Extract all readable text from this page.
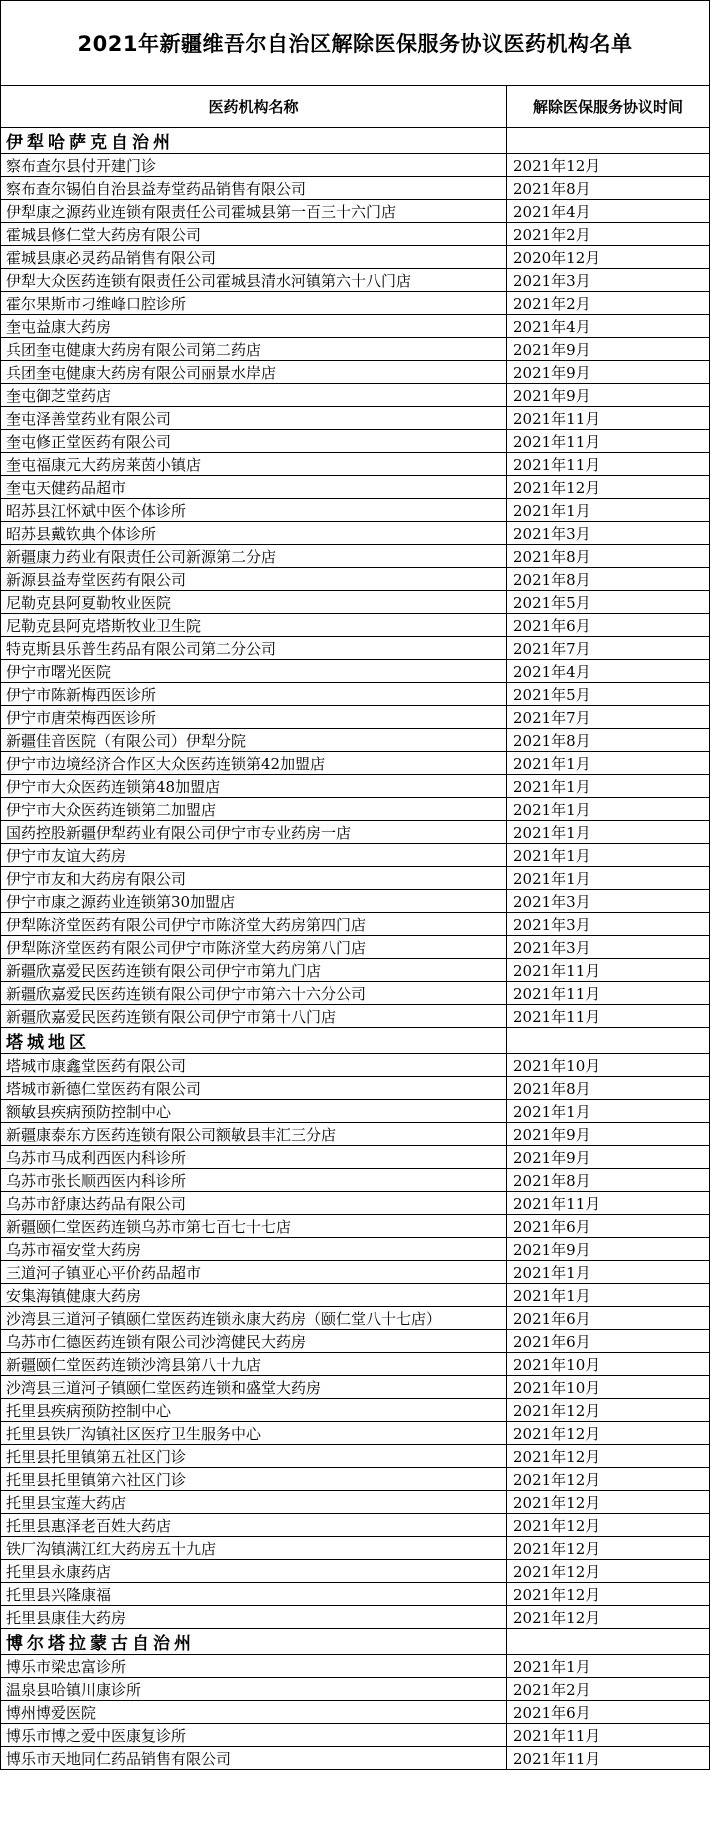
2021年新疆维吾尔自治区解除医保服务协议医药机构名单
医药机构名称	解除医保服务协议时间
伊犁哈萨克自治州
察布查尔县付开建门诊	2021年12月
察布查尔锡伯自治县益寿堂药品销售有限公司	2021年8月
伊犁康之源药业连锁有限责任公司霍城县第一百三十六门店	2021年4月
霍城县修仁堂大药房有限公司	2021年2月
霍城县康必灵药品销售有限公司	2020年12月
伊犁大众医药连锁有限责任公司霍城县清水河镇第六十八门店	2021年3月
霍尔果斯市刁维峰口腔诊所	2021年2月
奎屯益康大药房	2021年4月
兵团奎屯健康大药房有限公司第二药店	2021年9月
兵团奎屯健康大药房有限公司丽景水岸店	2021年9月
奎屯御芝堂药店	2021年9月
奎屯泽善堂药业有限公司	2021年11月
奎屯修正堂医药有限公司	2021年11月
奎屯福康元大药房莱茵小镇店	2021年11月
奎屯天健药品超市	2021年12月
昭苏县江怀斌中医个体诊所	2021年1月
昭苏县戴钦典个体诊所	2021年3月
新疆康力药业有限责任公司新源第二分店	2021年8月
新源县益寿堂医药有限公司	2021年8月
尼勒克县阿夏勒牧业医院	2021年5月
尼勒克县阿克塔斯牧业卫生院	2021年6月
特克斯县乐普生药品有限公司第二分公司	2021年7月
伊宁市曙光医院	2021年4月
伊宁市陈新梅西医诊所	2021年5月
伊宁市唐荣梅西医诊所	2021年7月
新疆佳音医院（有限公司）伊犁分院	2021年8月
伊宁市边境经济合作区大众医药连锁第42加盟店	2021年1月
伊宁市大众医药连锁第48加盟店	2021年1月
伊宁市大众医药连锁第二加盟店	2021年1月
国药控股新疆伊犁药业有限公司伊宁市专业药房一店	2021年1月
伊宁市友谊大药房	2021年1月
伊宁市友和大药房有限公司	2021年1月
伊宁市康之源药业连锁第30加盟店	2021年3月
伊犁陈济堂医药有限公司伊宁市陈济堂大药房第四门店	2021年3月
伊犁陈济堂医药有限公司伊宁市陈济堂大药房第八门店	2021年3月
新疆欣嘉爱民医药连锁有限公司伊宁市第九门店	2021年11月
新疆欣嘉爱民医药连锁有限公司伊宁市第六十六分公司	2021年11月
新疆欣嘉爱民医药连锁有限公司伊宁市第十八门店	2021年11月
塔城地区
塔城市康鑫堂医药有限公司	2021年10月
塔城市新德仁堂医药有限公司	2021年8月
额敏县疾病预防控制中心	2021年1月
新疆康泰东方医药连锁有限公司额敏县丰汇三分店	2021年9月
乌苏市马成利西医内科诊所	2021年9月
乌苏市张长顺西医内科诊所	2021年8月
乌苏市舒康达药品有限公司	2021年11月
新疆颐仁堂医药连锁乌苏市第七百七十七店	2021年6月
乌苏市福安堂大药房	2021年9月
三道河子镇亚心平价药品超市	2021年1月
安集海镇健康大药房	2021年1月
沙湾县三道河子镇颐仁堂医药连锁永康大药房（颐仁堂八十七店）	2021年6月
乌苏市仁德医药连锁有限公司沙湾健民大药房	2021年6月
新疆颐仁堂医药连锁沙湾县第八十九店	2021年10月
沙湾县三道河子镇颐仁堂医药连锁和盛堂大药房	2021年10月
托里县疾病预防控制中心	2021年12月
托里县铁厂沟镇社区医疗卫生服务中心	2021年12月
托里县托里镇第五社区门诊	2021年12月
托里县托里镇第六社区门诊	2021年12月
托里县宝莲大药店	2021年12月
托里县惠泽老百姓大药店	2021年12月
铁厂沟镇满江红大药房五十九店	2021年12月
托里县永康药店	2021年12月
托里县兴隆康福	2021年12月
托里县康佳大药房	2021年12月
博尔塔拉蒙古自治州
博乐市梁忠富诊所	2021年1月
温泉县哈镇川康诊所	2021年2月
博州博爱医院	2021年6月
博乐市博之爱中医康复诊所	2021年11月
博乐市天地同仁药品销售有限公司	2021年11月
